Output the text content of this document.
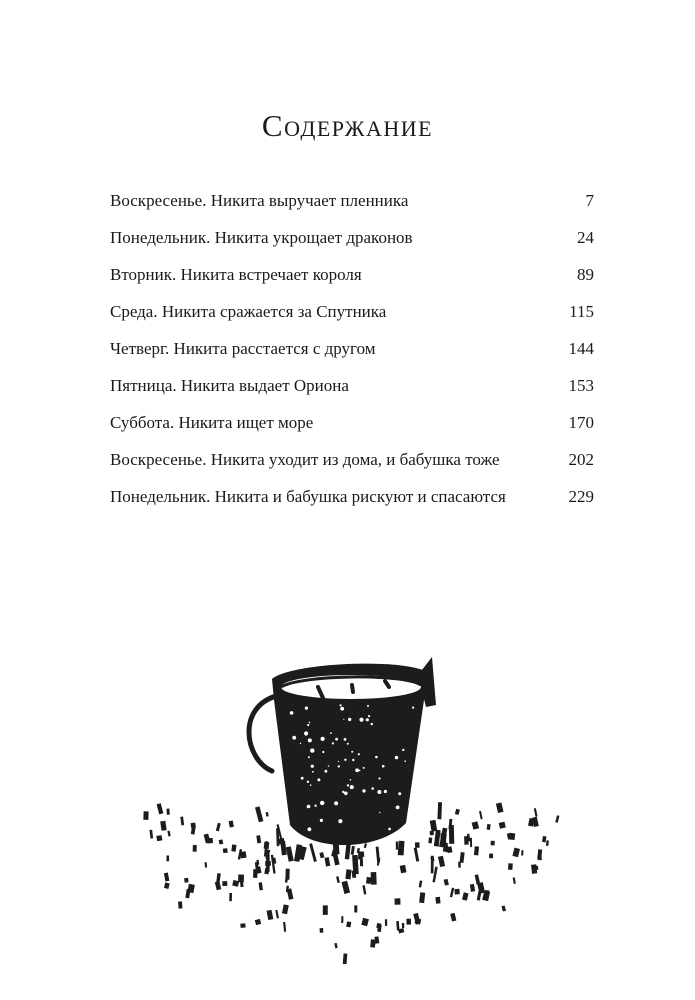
Содержание
Воскресенье. Никита выручает пленника	7
Понедельник. Никита укрощает драконов	24
Вторник. Никита встречает короля	89
Среда. Никита сражается за Спутника	115
Четверг. Никита расстается с другом	144
Пятница. Никита выдает Ориона	153
Суббота. Никита ищет море	170
Воскресенье. Никита уходит из дома, и бабушка тоже	202
Понедельник. Никита и бабушка рискуют и спасаются	229
